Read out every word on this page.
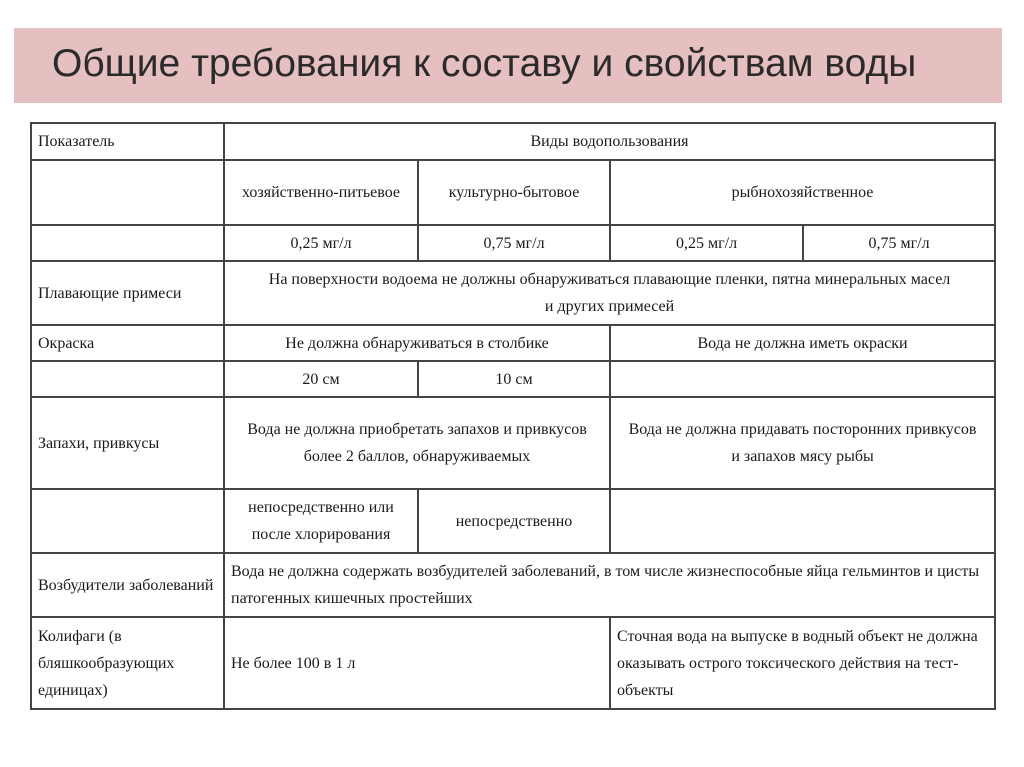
Общие требования к составу и свойствам воды
Показатель	Виды водопользования			
	хозяйственно-питьевое	культурно-бытовое	рыбнохозяйственное	
	0,25 мг/л	0,75 мг/л	0,25 мг/л	0,75 мг/л
Плавающие примеси	На поверхности водоема не должны обнаруживаться плавающие пленки, пятна минеральных масел и других примесей			
Окраска	Не должна обнаруживаться в столбике		Вода не должна иметь окраски	
	20 см	10 см		
Запахи, привкусы	Вода не должна приобретать запахов и привкусов более 2 баллов, обнаруживаемых		Вода не должна придавать посторонних привкусов и запахов мясу рыбы	
	непосредственно или после хлорирования	непосредственно		
Возбудители заболеваний	Вода не должна содержать возбудителей заболеваний, в том числе жизнеспособные яйца гельминтов и цисты патогенных кишечных простейших			
Колифаги (в бляшкообразующих единицах)	Не более 100 в 1 л		Сточная вода на выпуске в водный объект не должна оказывать острого токсического действия на тест-объекты	
